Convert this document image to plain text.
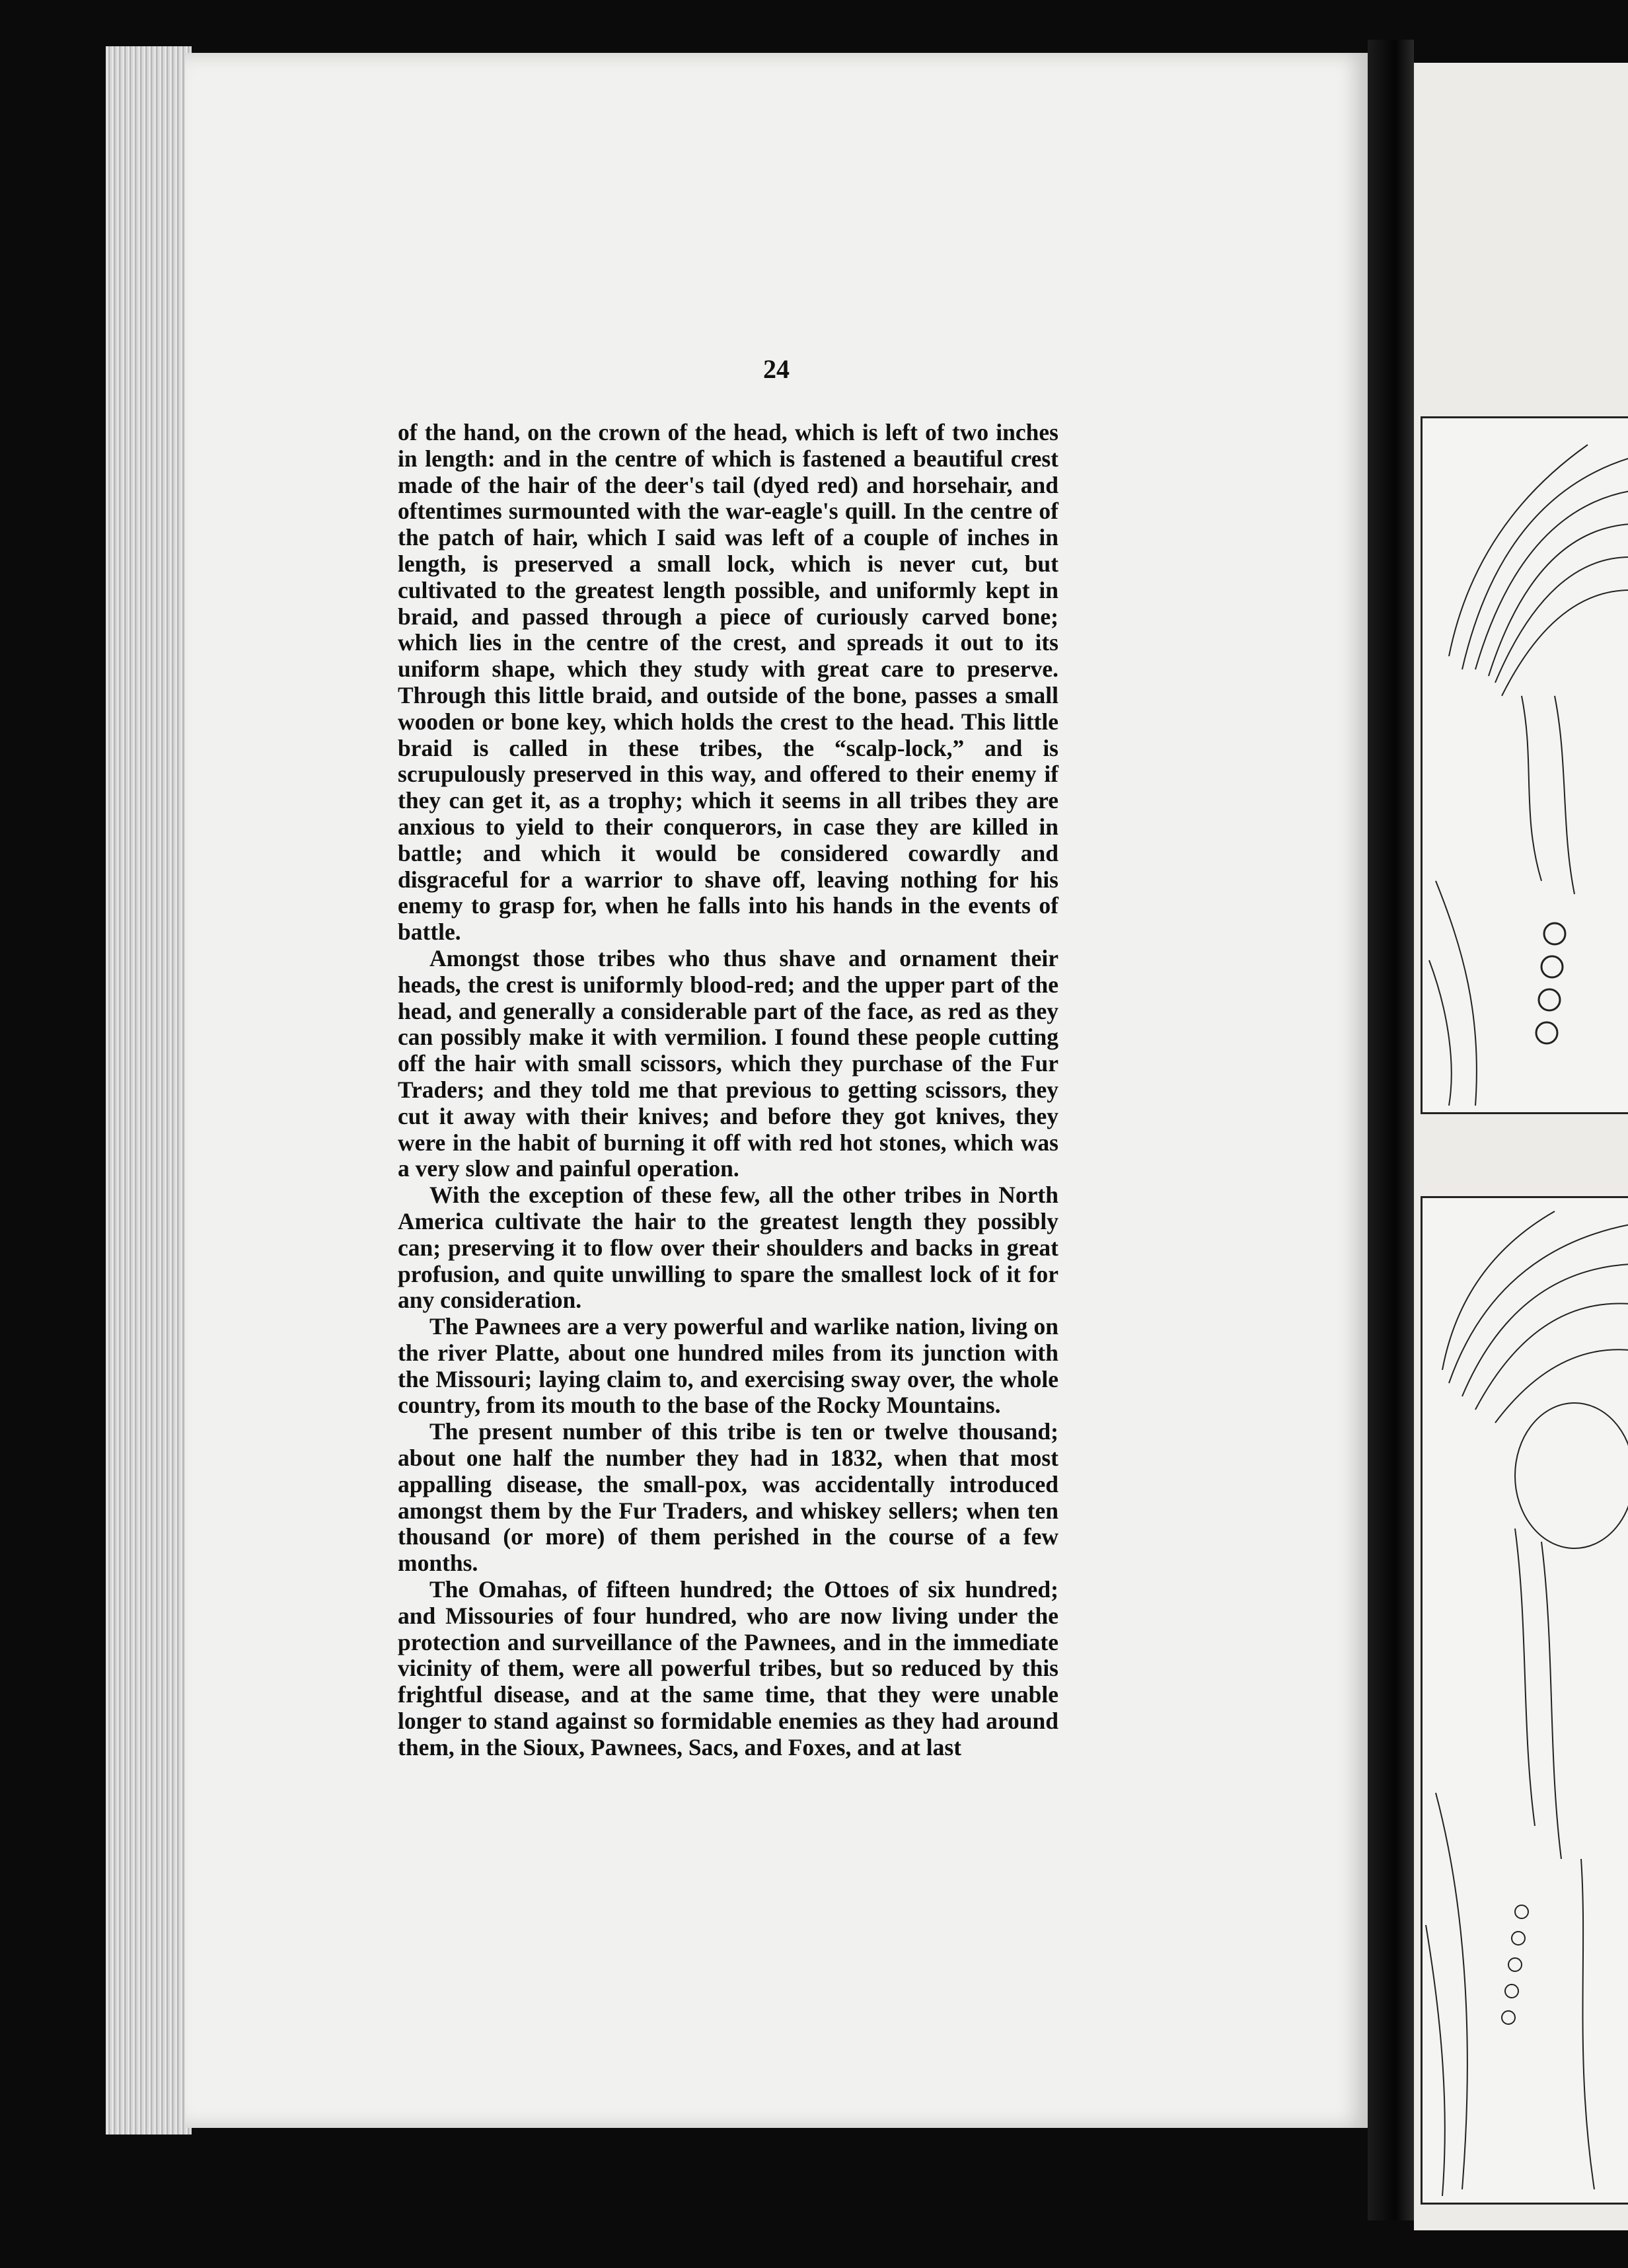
24

of the hand, on the crown of the head, which is left of two inches in length: and in the centre of which is fastened a beautiful crest made of the hair of the deer's tail (dyed red) and horsehair, and oftentimes surmounted with the war-eagle's quill. In the centre of the patch of hair, which I said was left of a couple of inches in length, is preserved a small lock, which is never cut, but cultivated to the greatest length possible, and uniformly kept in braid, and passed through a piece of curiously carved bone; which lies in the centre of the crest, and spreads it out to its uniform shape, which they study with great care to preserve. Through this little braid, and outside of the bone, passes a small wooden or bone key, which holds the crest to the head. This little braid is called in these tribes, the “scalp-lock,” and is scrupulously preserved in this way, and offered to their enemy if they can get it, as a trophy; which it seems in all tribes they are anxious to yield to their conquerors, in case they are killed in battle; and which it would be considered cowardly and disgraceful for a warrior to shave off, leaving nothing for his enemy to grasp for, when he falls into his hands in the events of battle.

Amongst those tribes who thus shave and ornament their heads, the crest is uniformly blood-red; and the upper part of the head, and generally a considerable part of the face, as red as they can possibly make it with vermilion. I found these people cutting off the hair with small scissors, which they purchase of the Fur Traders; and they told me that previous to getting scissors, they cut it away with their knives; and before they got knives, they were in the habit of burning it off with red hot stones, which was a very slow and painful operation.

With the exception of these few, all the other tribes in North America cultivate the hair to the greatest length they possibly can; preserving it to flow over their shoulders and backs in great profusion, and quite unwilling to spare the smallest lock of it for any consideration.

The Pawnees are a very powerful and warlike nation, living on the river Platte, about one hundred miles from its junction with the Missouri; laying claim to, and exercising sway over, the whole country, from its mouth to the base of the Rocky Mountains.

The present number of this tribe is ten or twelve thousand; about one half the number they had in 1832, when that most appalling disease, the small-pox, was accidentally introduced amongst them by the Fur Traders, and whiskey sellers; when ten thousand (or more) of them perished in the course of a few months.

The Omahas, of fifteen hundred; the Ottoes of six hundred; and Missouries of four hundred, who are now living under the protection and surveillance of the Pawnees, and in the immediate vicinity of them, were all powerful tribes, but so reduced by this frightful disease, and at the same time, that they were unable longer to stand against so formidable enemies as they had around them, in the Sioux, Pawnees, Sacs, and Foxes, and at last
